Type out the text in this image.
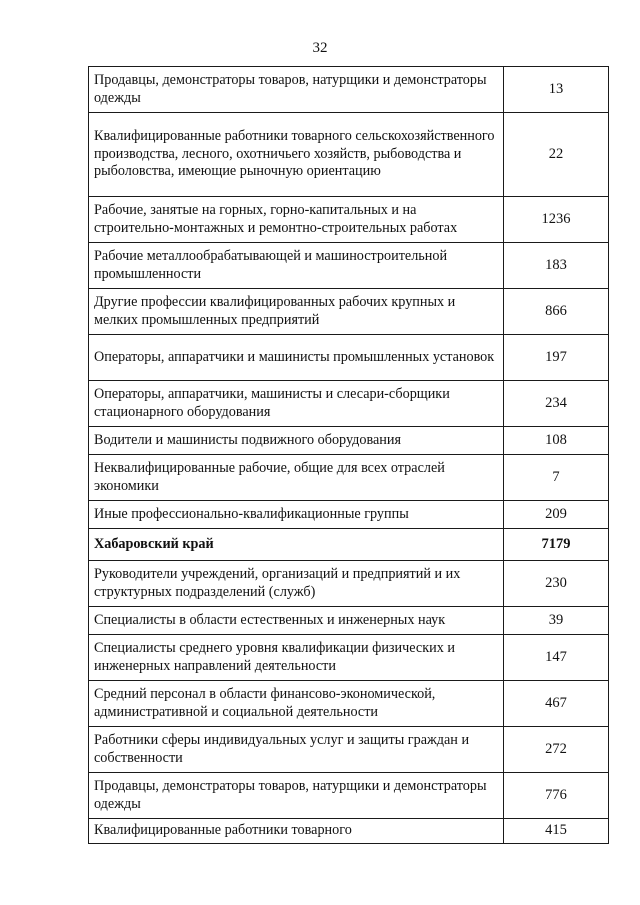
32
Продавцы, демонстраторы товаров, натурщики и демонстраторы одежды	13
Квалифицированные работники товарного сельскохозяйственного производства, лесного, охотничьего хозяйств, рыбоводства и рыболовства, имеющие рыночную ориентацию	22
Рабочие, занятые на горных, горно-капитальных и на строительно-монтажных и ремонтно-строительных работах	1236
Рабочие металлообрабатывающей и машиностроительной промышленности	183
Другие профессии квалифицированных рабочих крупных и мелких промышленных предприятий	866
Операторы, аппаратчики и машинисты промышленных установок	197
Операторы, аппаратчики, машинисты и слесари-сборщики стационарного оборудования	234
Водители и машинисты подвижного оборудования	108
Неквалифицированные рабочие, общие для всех отраслей экономики	7
Иные профессионально-квалификационные группы	209
Хабаровский край	7179
Руководители учреждений, организаций и предприятий и их структурных подразделений (служб)	230
Специалисты в области естественных и инженерных наук	39
Специалисты среднего уровня квалификации физических и инженерных направлений деятельности	147
Средний персонал в области финансово-экономической, административной и социальной деятельности	467
Работники сферы индивидуальных услуг и защиты граждан и собственности	272
Продавцы, демонстраторы товаров, натурщики и демонстраторы одежды	776
Квалифицированные работники товарного	415
